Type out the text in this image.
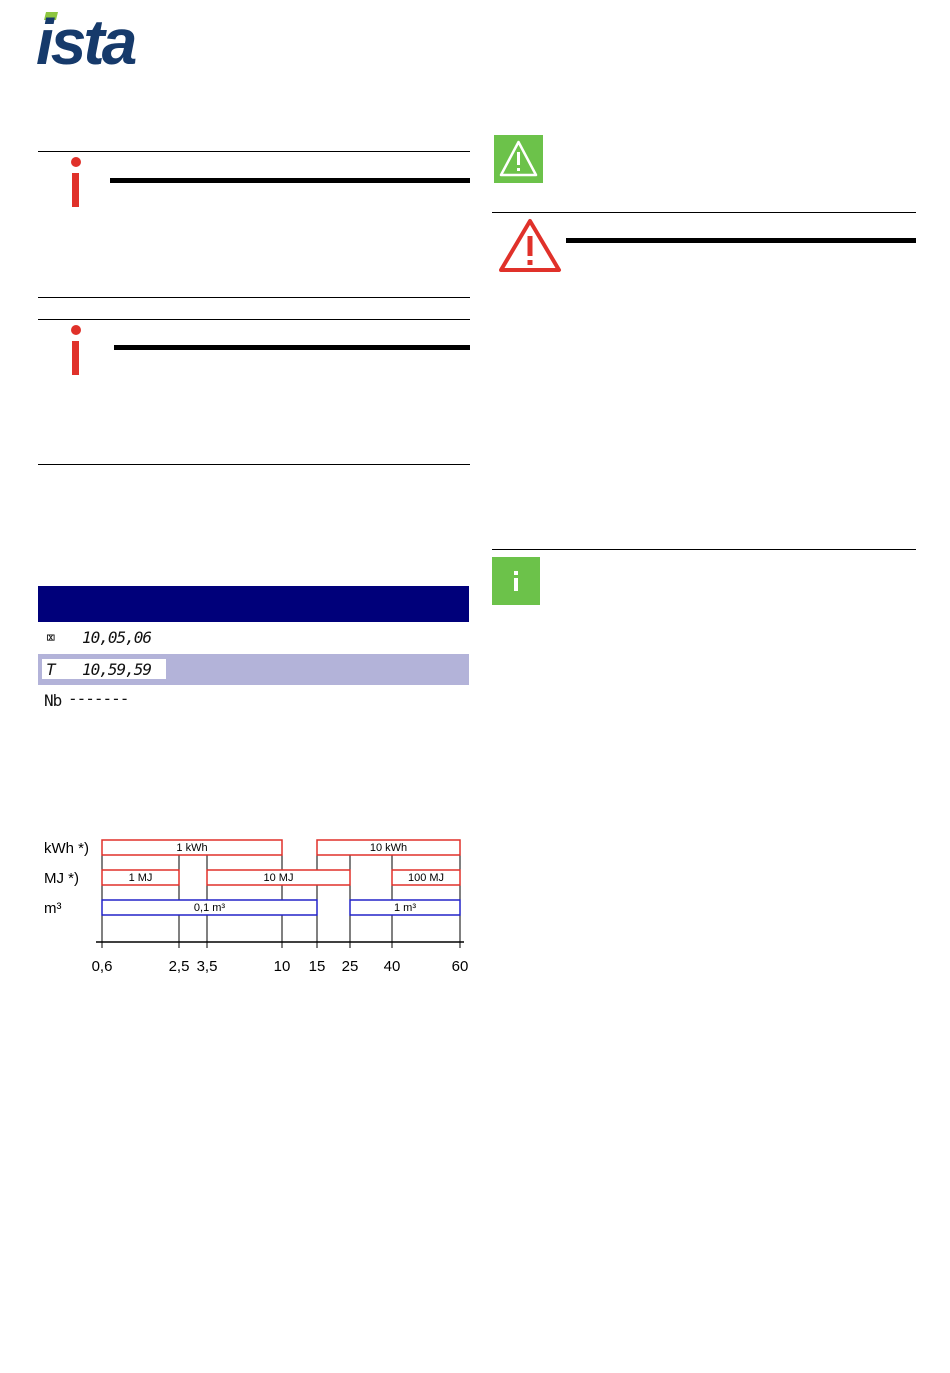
ista
⌧ 10,05,06
T 10,59,59
Nb -------
0,6	2,5 3,5	10 15 25 40	60
kWh *)	1 kWh	10 kWh
MJ *)	1 MJ	10 MJ	100 MJ
m³	0,1 m³	1 m³
